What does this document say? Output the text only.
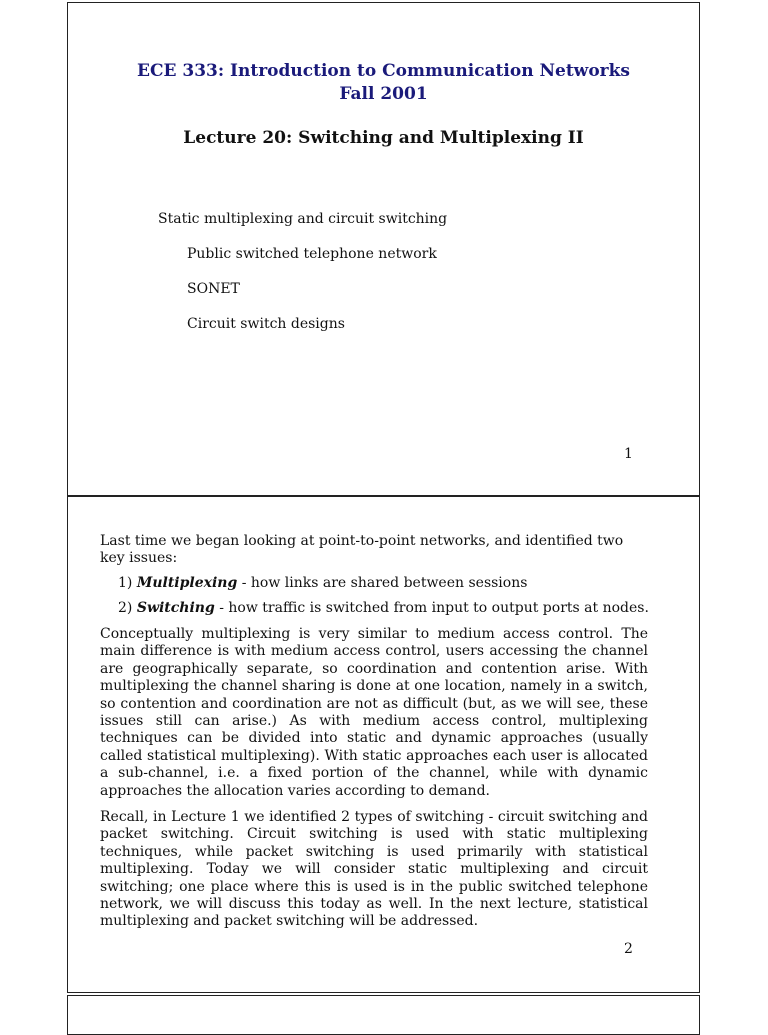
ECE 333: Introduction to Communication Networks
Fall 2001
Lecture 20: Switching and Multiplexing II
Static multiplexing and circuit switching
Public switched telephone network
SONET
Circuit switch designs
1
Last time we began looking at point-to-point networks, and identified two key issues:
1) Multiplexing - how links are shared between sessions
2) Switching - how traffic is switched from input to output ports at nodes.
Conceptually multiplexing is very similar to medium access control. The main difference is with medium access control, users accessing the channel are geographically separate, so coordination and contention arise. With multiplexing the channel sharing is done at one location, namely in a switch, so contention and coordination are not as difficult (but, as we will see, these issues still can arise.) As with medium access control, multiplexing techniques can be divided into static and dynamic approaches (usually called statistical multiplexing). With static approaches each user is allocated a sub-channel, i.e. a fixed portion of the channel, while with dynamic approaches the allocation varies according to demand.
Recall, in Lecture 1 we identified 2 types of switching - circuit switching and packet switching. Circuit switching is used with static multiplexing techniques, while packet switching is used primarily with statistical multiplexing. Today we will consider static multiplexing and circuit switching; one place where this is used is in the public switched telephone network, we will discuss this today as well. In the next lecture, statistical multiplexing and packet switching will be addressed.
2
